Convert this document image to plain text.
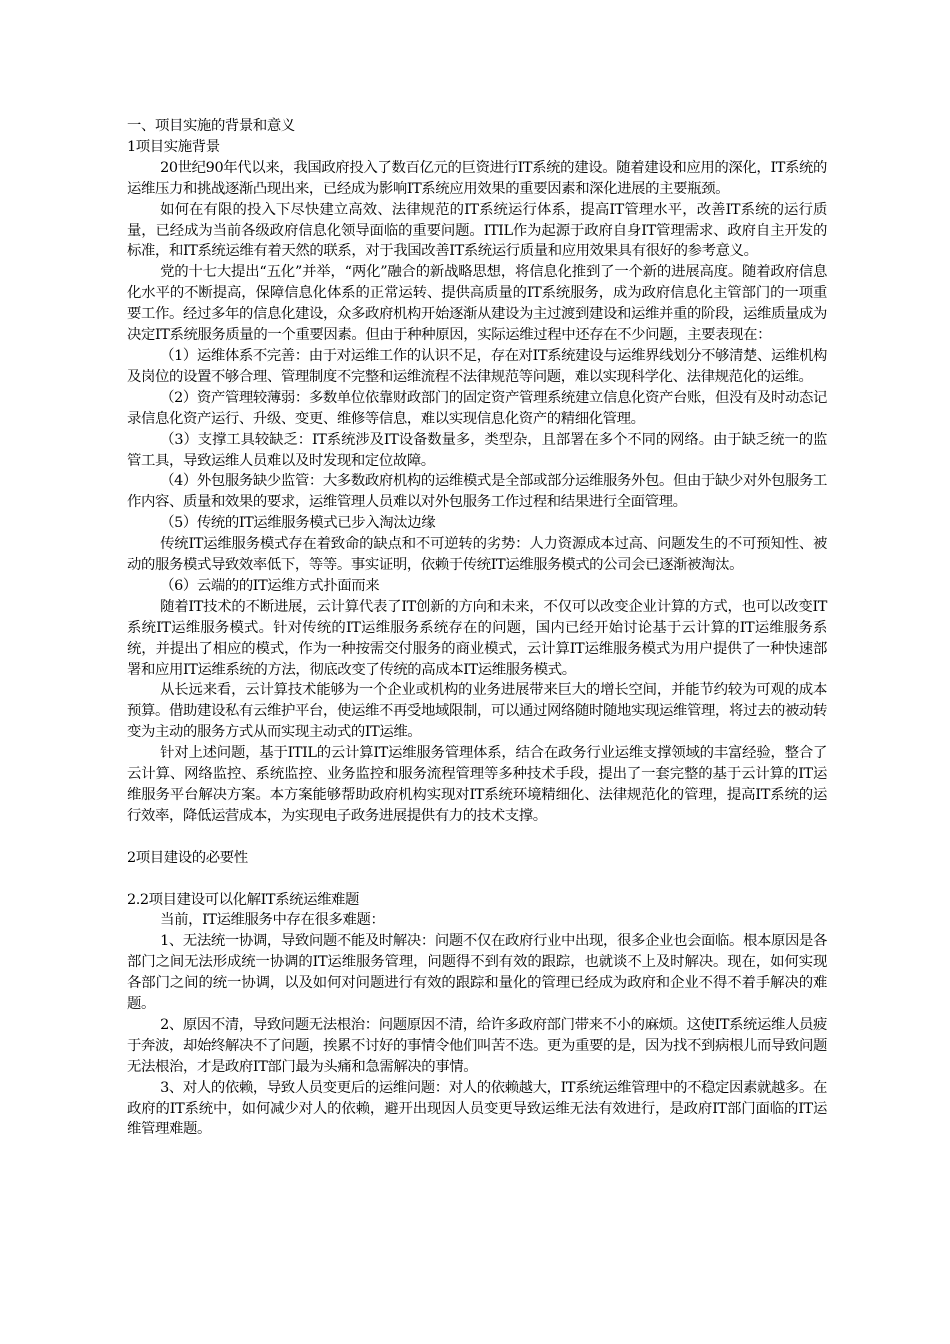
一、项目实施的背景和意义

1项目实施背景

20世纪90年代以来，我国政府投入了数百亿元的巨资进行IT系统的建设。随着建设和应用的深化，IT系统的运维压力和挑战逐渐凸现出来，已经成为影响IT系统应用效果的重要因素和深化进展的主要瓶颈。

如何在有限的投入下尽快建立高效、法律规范的IT系统运行体系，提高IT管理水平，改善IT系统的运行质量，已经成为当前各级政府信息化领导面临的重要问题。ITIL作为起源于政府自身IT管理需求、政府自主开发的标准，和IT系统运维有着天然的联系，对于我国改善IT系统运行质量和应用效果具有很好的参考意义。

党的十七大提出“五化”并举，“两化”融合的新战略思想，将信息化推到了一个新的进展高度。随着政府信息化水平的不断提高，保障信息化体系的正常运转、提供高质量的IT系统服务，成为政府信息化主管部门的一项重要工作。经过多年的信息化建设，众多政府机构开始逐渐从建设为主过渡到建设和运维并重的阶段，运维质量成为决定IT系统服务质量的一个重要因素。但由于种种原因，实际运维过程中还存在不少问题，主要表现在：

（1）运维体系不完善：由于对运维工作的认识不足，存在对IT系统建设与运维界线划分不够清楚、运维机构及岗位的设置不够合理、管理制度不完整和运维流程不法律规范等问题，难以实现科学化、法律规范化的运维。

（2）资产管理较薄弱：多数单位依靠财政部门的固定资产管理系统建立信息化资产台账，但没有及时动态记录信息化资产运行、升级、变更、维修等信息，难以实现信息化资产的精细化管理。

（3）支撑工具较缺乏：IT系统涉及IT设备数量多，类型杂，且部署在多个不同的网络。由于缺乏统一的监管工具，导致运维人员难以及时发现和定位故障。

（4）外包服务缺少监管：大多数政府机构的运维模式是全部或部分运维服务外包。但由于缺少对外包服务工作内容、质量和效果的要求，运维管理人员难以对外包服务工作过程和结果进行全面管理。

（5）传统的IT运维服务模式已步入淘汰边缘

传统IT运维服务模式存在着致命的缺点和不可逆转的劣势：人力资源成本过高、问题发生的不可预知性、被动的服务模式导致效率低下，等等。事实证明，依赖于传统IT运维服务模式的公司会已逐渐被淘汰。

（6）云端的的IT运维方式扑面而来

随着IT技术的不断进展，云计算代表了IT创新的方向和未来，不仅可以改变企业计算的方式，也可以改变IT系统IT运维服务模式。针对传统的IT运维服务系统存在的问题，国内已经开始讨论基于云计算的IT运维服务系统，并提出了相应的模式，作为一种按需交付服务的商业模式，云计算IT运维服务模式为用户提供了一种快速部署和应用IT运维系统的方法，彻底改变了传统的高成本IT运维服务模式。

从长远来看，云计算技术能够为一个企业或机构的业务进展带来巨大的增长空间，并能节约较为可观的成本预算。借助建设私有云维护平台，使运维不再受地域限制，可以通过网络随时随地实现运维管理，将过去的被动转变为主动的服务方式从而实现主动式的IT运维。

针对上述问题，基于ITIL的云计算IT运维服务管理体系，结合在政务行业运维支撑领域的丰富经验，整合了云计算、网络监控、系统监控、业务监控和服务流程管理等多种技术手段，提出了一套完整的基于云计算的IT运维服务平台解决方案。本方案能够帮助政府机构实现对IT系统环境精细化、法律规范化的管理，提高IT系统的运行效率，降低运营成本，为实现电子政务进展提供有力的技术支撑。

2项目建设的必要性

2.2项目建设可以化解IT系统运维难题

当前，IT运维服务中存在很多难题：

1、无法统一协调，导致问题不能及时解决：问题不仅在政府行业中出现，很多企业也会面临。根本原因是各部门之间无法形成统一协调的IT运维服务管理，问题得不到有效的跟踪，也就谈不上及时解决。现在，如何实现各部门之间的统一协调，以及如何对问题进行有效的跟踪和量化的管理已经成为政府和企业不得不着手解决的难题。

2、原因不清，导致问题无法根治：问题原因不清，给许多政府部门带来不小的麻烦。这使IT系统运维人员疲于奔波，却始终解决不了问题，挨累不讨好的事情令他们叫苦不迭。更为重要的是，因为找不到病根儿而导致问题无法根治，才是政府IT部门最为头痛和急需解决的事情。

3、对人的依赖，导致人员变更后的运维问题：对人的依赖越大，IT系统运维管理中的不稳定因素就越多。在政府的IT系统中，如何减少对人的依赖，避开出现因人员变更导致运维无法有效进行，是政府IT部门面临的IT运维管理难题。
